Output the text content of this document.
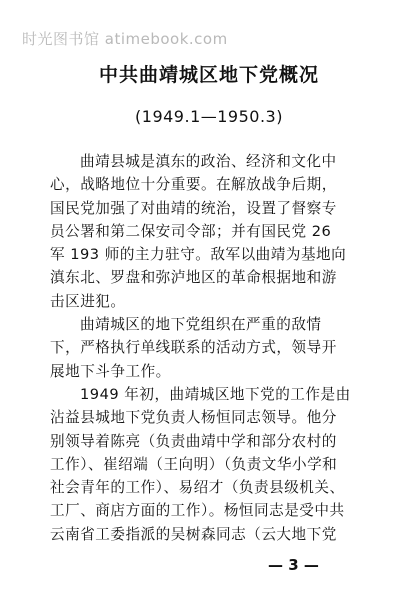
时光图书馆 atimebook.com
中共曲靖城区地下党概况
(1949.1—1950.3)
曲靖县城是滇东的政治、经济和文化中
心，战略地位十分重要。在解放战争后期，
国民党加强了对曲靖的统治，设置了督察专
员公署和第二保安司令部；并有国民党 26
军 193 师的主力驻守。敌军以曲靖为基地向
滇东北、罗盘和弥泸地区的革命根据地和游
击区进犯。
曲靖城区的地下党组织在严重的敌情
下，严格执行单线联系的活动方式，领导开
展地下斗争工作。
1949 年初，曲靖城区地下党的工作是由
沾益县城地下党负责人杨恒同志领导。他分
别领导着陈亮（负责曲靖中学和部分农村的
工作）、崔绍端（王向明）（负责文华小学和
社会青年的工作）、易绍才（负责县级机关、
工厂、商店方面的工作）。杨恒同志是受中共
云南省工委指派的吴树森同志（云大地下党
— 3 —
